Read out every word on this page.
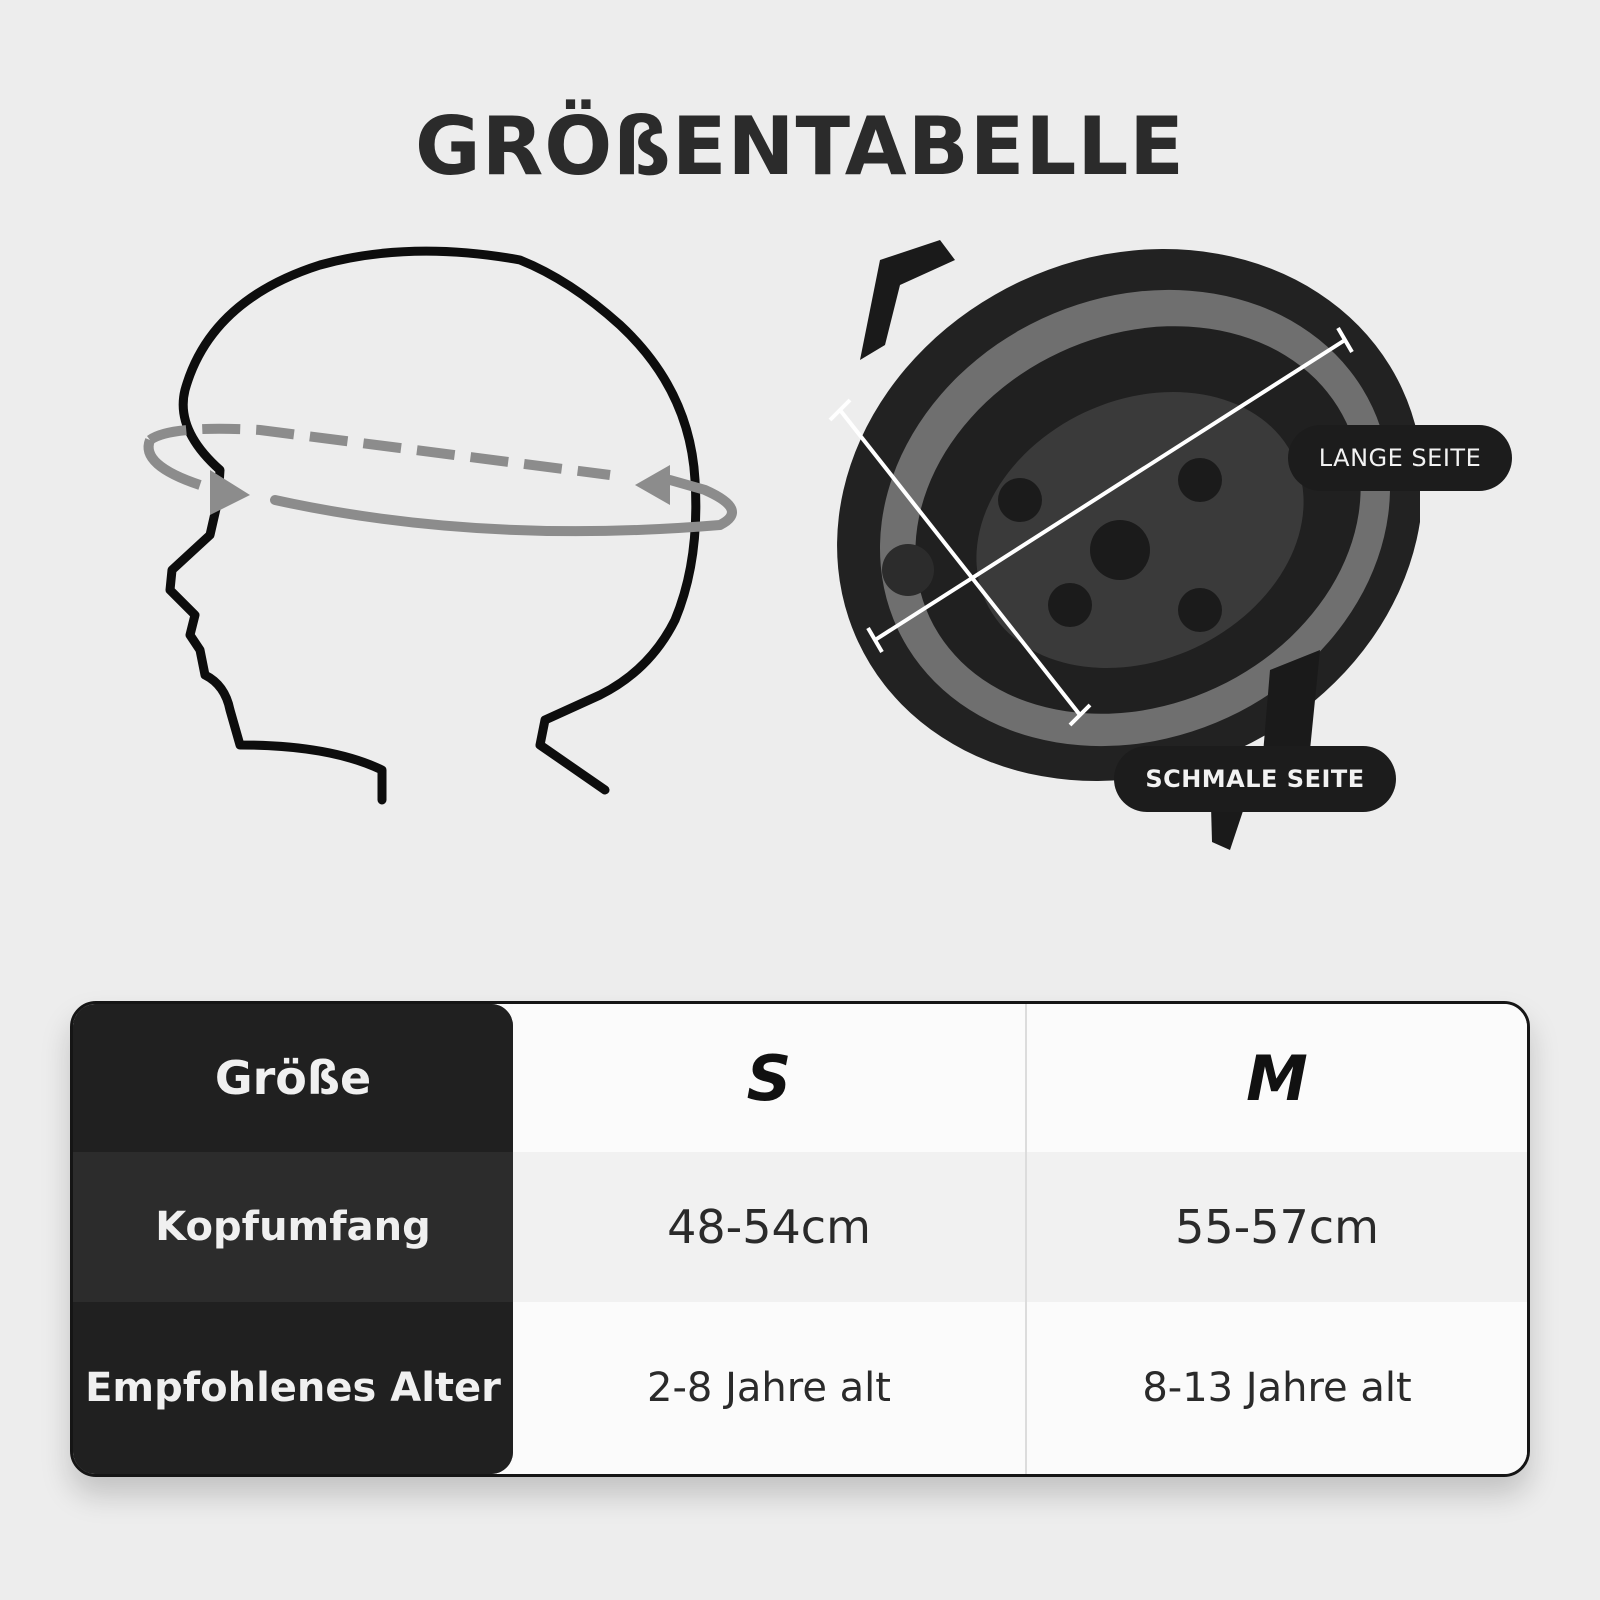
GRÖßENTABELLE
LANGE SEITE
SCHMALE SEITE
Größe
Kopfumfang
Empfohlenes Alter
S
48-54cm
2-8 Jahre alt
M
55-57cm
8-13 Jahre alt
